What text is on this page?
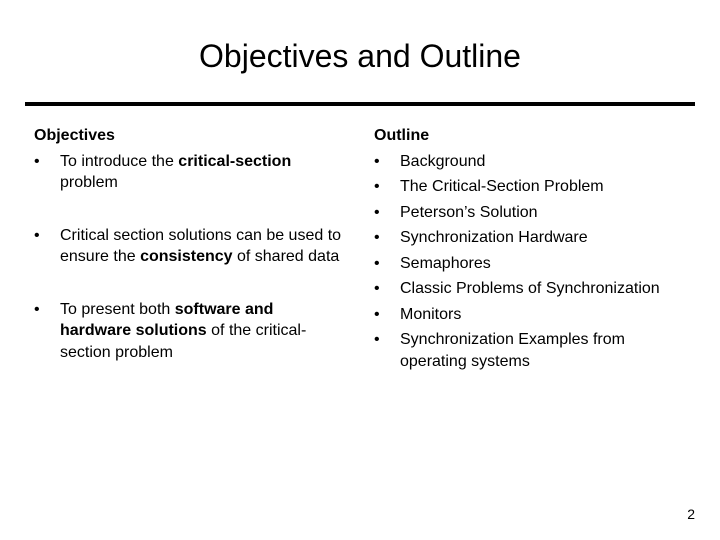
Objectives and Outline
Objectives
• To introduce the critical-section problem
• Critical section solutions can be used to ensure the consistency of shared data
• To present both software and hardware solutions of the critical-section problem
Outline
• Background
• The Critical-Section Problem
• Peterson’s Solution
• Synchronization Hardware
• Semaphores
• Classic Problems of Synchronization
• Monitors
• Synchronization Examples from operating systems
2
